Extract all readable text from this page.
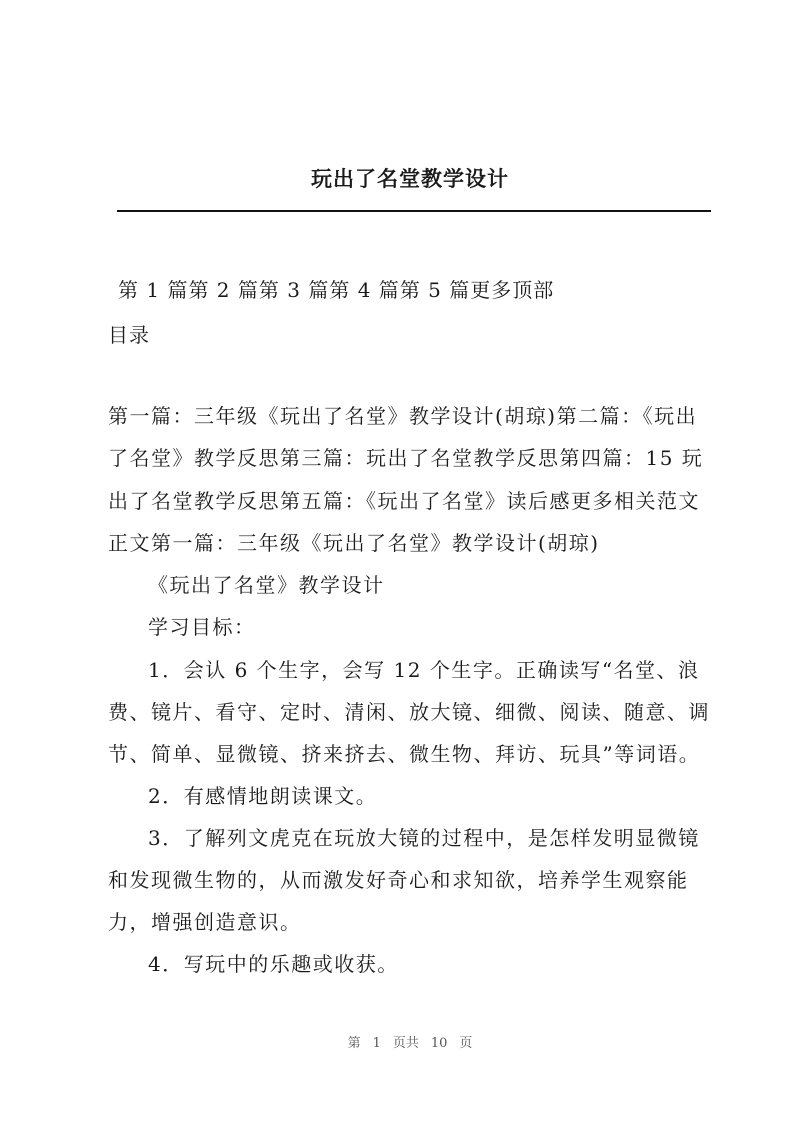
玩出了名堂教学设计
第 1 篇第 2 篇第 3 篇第 4 篇第 5 篇更多顶部
目录
第一篇：三年级《玩出了名堂》教学设计(胡琼)第二篇：《玩出
了名堂》教学反思第三篇：玩出了名堂教学反思第四篇：15 玩
出了名堂教学反思第五篇：《玩出了名堂》读后感更多相关范文
正文第一篇：三年级《玩出了名堂》教学设计(胡琼)
《玩出了名堂》教学设计
学习目标：
1．会认 6 个生字，会写 12 个生字。正确读写“名堂、浪
费、镜片、看守、定时、清闲、放大镜、细微、阅读、随意、调
节、简单、显微镜、挤来挤去、微生物、拜访、玩具”等词语。
2．有感情地朗读课文。
3．了解列文虎克在玩放大镜的过程中，是怎样发明显微镜
和发现微生物的，从而激发好奇心和求知欲，培养学生观察能
力，增强创造意识。
4．写玩中的乐趣或收获。
第 1 页共 10 页
